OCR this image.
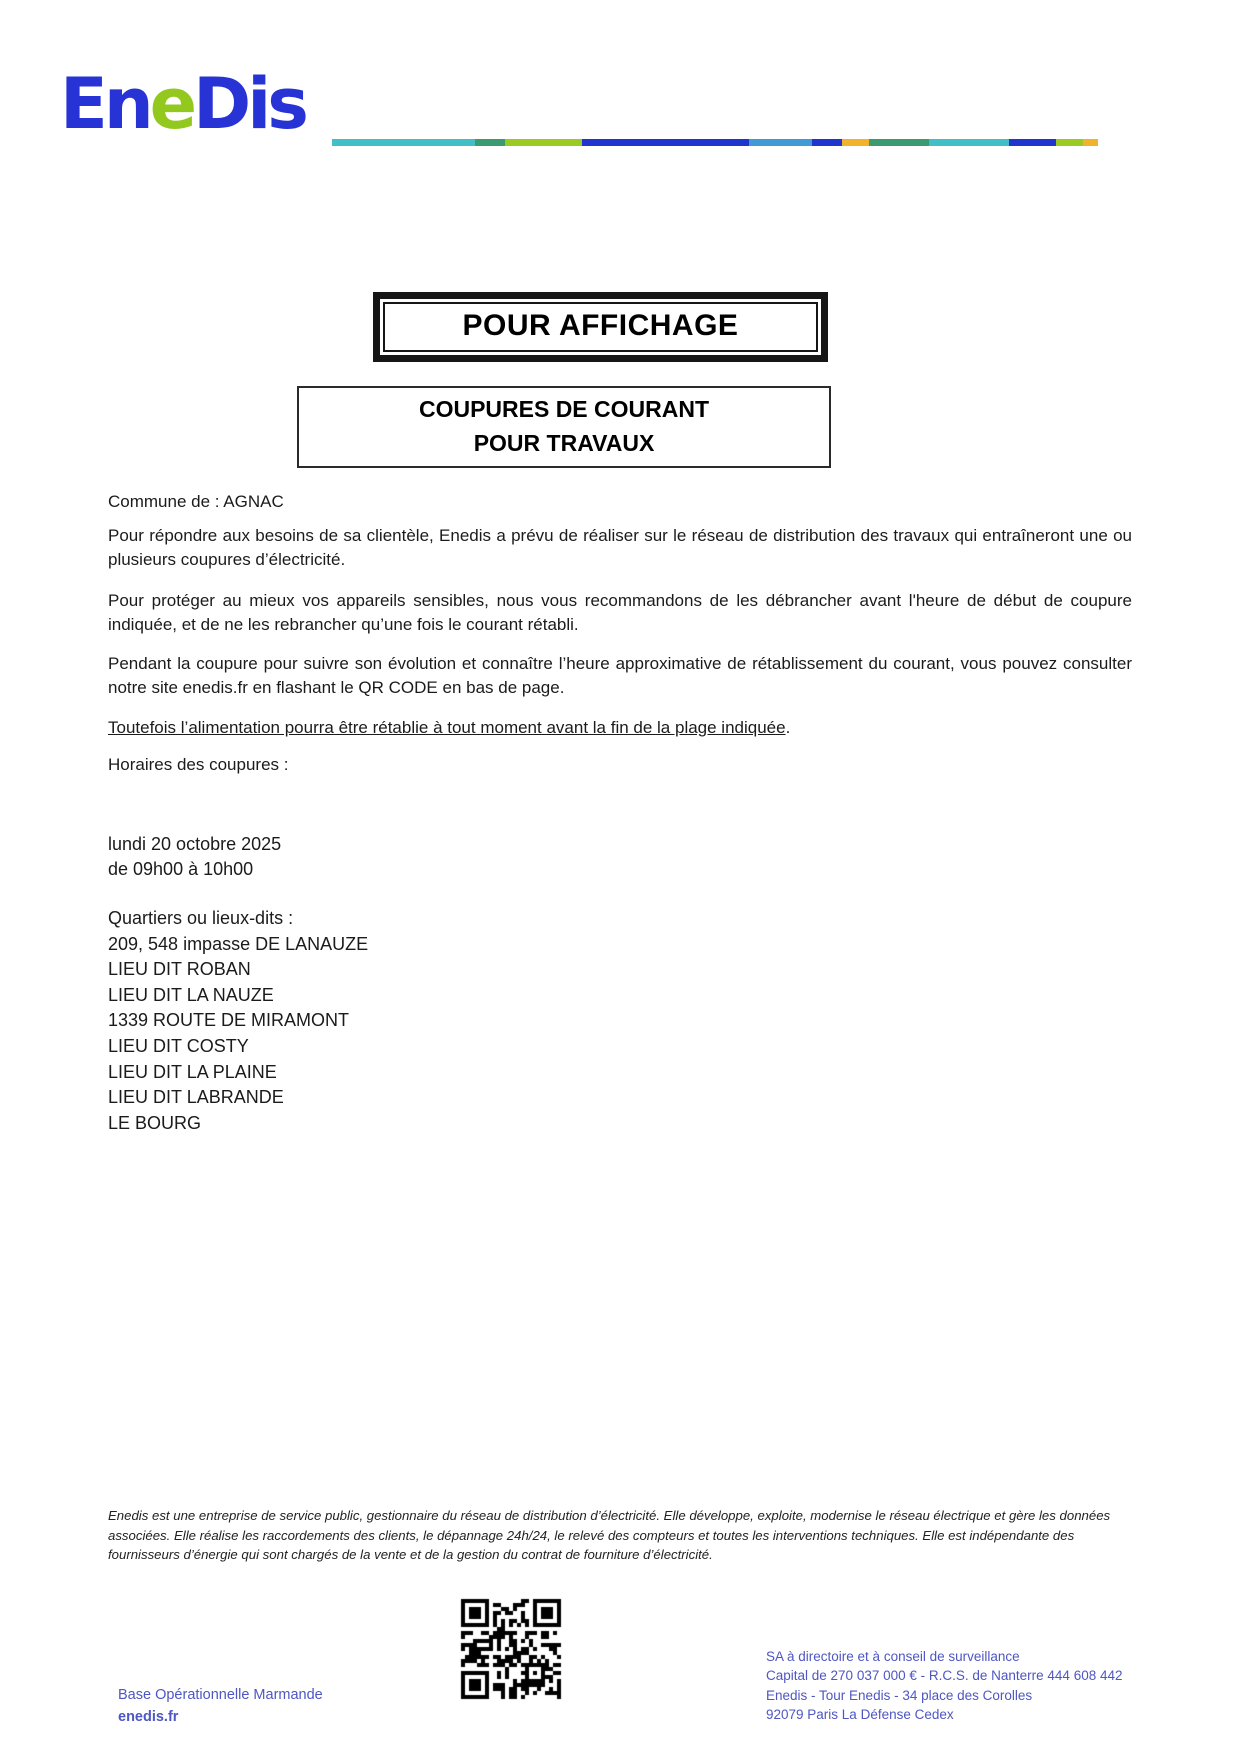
EneDis
POUR AFFICHAGE
COUPURES DE COURANT
POUR TRAVAUX
Commune de : AGNAC
Pour répondre aux besoins de sa clientèle, Enedis a prévu de réaliser sur le réseau de distribution des travaux qui entraîneront une ou plusieurs coupures d’électricité.
Pour protéger au mieux vos appareils sensibles, nous vous recommandons de les débrancher avant l'heure de début de coupure indiquée, et de ne les rebrancher qu’une fois le courant rétabli.
Pendant la coupure pour suivre son évolution et connaître l’heure approximative de rétablissement du courant, vous pouvez consulter notre site enedis.fr en flashant le QR CODE en bas de page.
Toutefois l’alimentation pourra être rétablie à tout moment avant la fin de la plage indiquée.
Horaires des coupures :
lundi 20 octobre 2025
de 09h00 à 10h00
Quartiers ou lieux-dits :
209, 548 impasse DE LANAUZE
LIEU DIT ROBAN
LIEU DIT LA NAUZE
1339 ROUTE DE MIRAMONT
LIEU DIT COSTY
LIEU DIT LA PLAINE
LIEU DIT LABRANDE
LE BOURG
Enedis est une entreprise de service public, gestionnaire du réseau de distribution d’électricité. Elle développe, exploite, modernise le réseau électrique et gère les données associées. Elle réalise les raccordements des clients, le dépannage 24h/24, le relevé des compteurs et toutes les interventions techniques. Elle est indépendante des fournisseurs d’énergie qui sont chargés de la vente et de la gestion du contrat de fourniture d’électricité.
Base Opérationnelle Marmande
enedis.fr
SA à directoire et à conseil de surveillance
Capital de 270 037 000 € - R.C.S. de Nanterre 444 608 442
Enedis - Tour Enedis - 34 place des Corolles
92079 Paris La Défense Cedex
